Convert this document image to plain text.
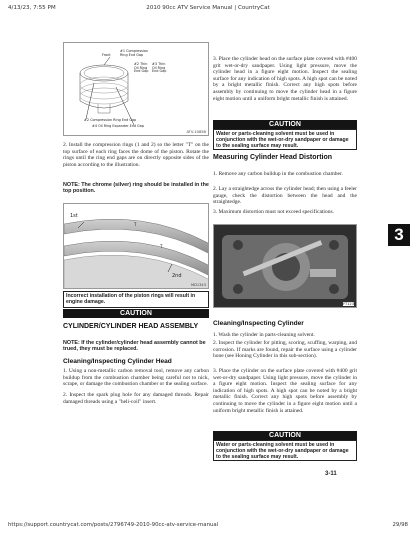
4/13/23, 7:55 PM	2010 90cc ATV Service Manual | CountryCat
Front
#1 Compression
Ring End Gap
#2 Thin
Oil Ring
End Gap
#3 Thin
Oil Ring
End Gap
#2 Compression Ring End Gap
#4 Oil Ring Expander End Gap
ATV-1085B
2. Install the compression rings (1 and 2) so the letter "T" on the top surface of each ring faces the dome of the piston. Rotate the rings until the ring end gaps are on directly opposite sides of the piston according to the illustration.
NOTE: The chrome (silver) ring should be installed in the top position.
T
T
1st
2nd
MD1343
Incorrect installation of the piston rings will result in engine damage.
CAUTION
CYLINDER/CYLINDER HEAD ASSEMBLY
NOTE: If the cylinder/cylinder head assembly cannot be trued, they must be replaced.
Cleaning/Inspecting Cylinder Head
1. Using a non-metallic carbon removal tool, remove any carbon buildup from the combustion chamber being careful not to nick, scrape, or damage the combustion chamber or the sealing surface.
2. Inspect the spark plug hole for any damaged threads. Repair damaged threads using a "heli-coil" insert.
3. Place the cylinder head on the surface plate covered with #400 grit wet-or-dry sandpaper. Using light pressure, move the cylinder head in a figure eight motion. Inspect the sealing surface for any indication of high spots. A high spot can be noted by a bright metallic finish. Correct any high spots before assembly by continuing to move the cylinder head in a figure eight motion until a uniform bright metallic finish is attained.
CAUTION
Water or parts-cleaning solvent must be used in conjunction with the wet-or-dry sandpaper or damage to the sealing surface may result.
Measuring Cylinder Head Distortion
1. Remove any carbon buildup in the combustion chamber.
2. Lay a straightedge across the cylinder head; then using a feeler gauge, check the distortion between the head and the straightedge.
3. Maximum distortion must not exceed specifications.
YT123
Cleaning/Inspecting Cylinder
1. Wash the cylinder in parts-cleaning solvent.
2. Inspect the cylinder for pitting, scoring, scuffing, warping, and corrosion. If marks are found, repair the surface using a cylinder hone (see Honing Cylinder in this sub-section).
3. Place the cylinder on the surface plate covered with #400 grit wet-or-dry sandpaper. Using light pressure, move the cylinder in a figure eight motion. Inspect the sealing surface for any indication of high spots. A high spot can be noted by a bright metallic finish. Correct any high spots before assembly by continuing to move the cylinder in a figure eight motion until a uniform bright metallic finish is attained.
CAUTION
Water or parts-cleaning solvent must be used in conjunction with the wet-or-dry sandpaper or damage to the sealing surface may result.
3
3-11
https://support.countrycat.com/posts/2796749-2010-90cc-atv-service-manual	29/98
